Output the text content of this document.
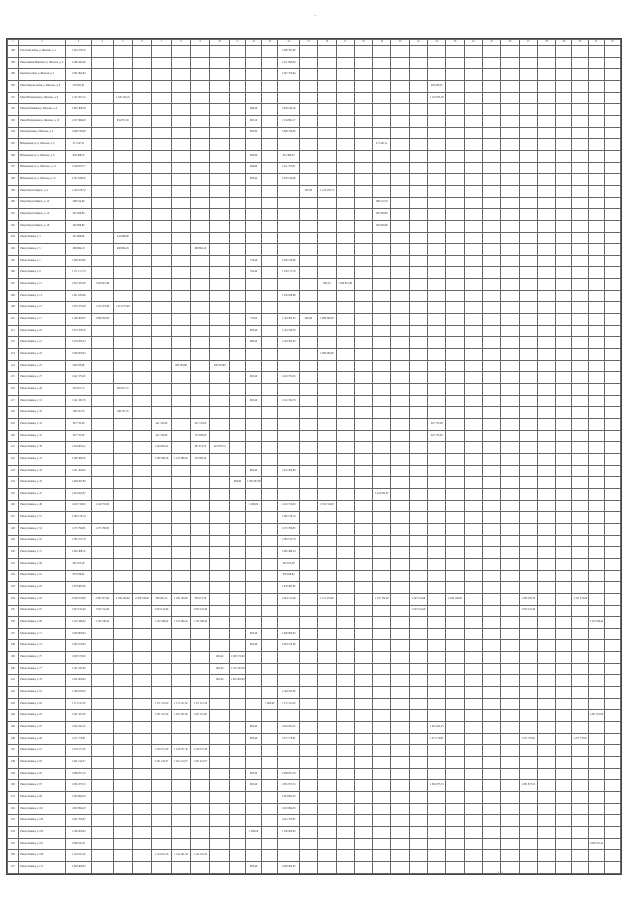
–
1	2	3	4	5	6	7	8	9	10	11	12	13	14	15	16	17	18	19	20	21	22	23	24	25	26	27	28	29	30	31	32
186	Участкова набер. р. Шелонь, д. 1	1 544 276,70											1 399 791,60																		
188	Улица имени Минского р. Шелонь, д. 9	1 599 443,09											1 511 993,68																		
189	Заречная улица, р. Шелонь д. 5	1 081 892,84											1 047 754,64																		
190	Улица Кирова набер. р. Шелонь, д. 8	276 831,91																			228 438,01										
191	Улица Набережная р. Шелонь, д. 6	1 147 321,74		1 126 145,16																	1 119 873,18										
192	Улица Кабашкина р. Шелонь, д. 9	1 095 406,38									968,40		1 039 234,16																		
193	Улица Набережная р. Шелонь, д. 10	2 527 998,48		934 871,50							963,10		1 154 891,17																		
194	Улица Бульвар р. Шелонь, д. 4	1 099 734,99									963,82		1 096 740,00																		
195	Набережная ул. р. Шелонь, д. 5	271 547,31																271 431,11													
196	Набережная ул. р. Шелонь, д. 8	836 468,52									964,80		812 468,52																		
197	Набережная ул. р. Шелонь, д. 14	1 236 953,77									964,80		1 211 753,01																		
198	Набережная ул. р. Шелонь, д. 12	2 341 938,26									983,42		2 318 124,86																		
199	Улица Карла Маркса, д. 4	1 140 578,74												967,80	1 123 578,74																
200	Улица Карла Маркса, д. 12	268 514,60																268 512,18													
201	Улица Карла Маркса, д. 14	265 309,80																265 309,80													
202	Улица Карла Маркса, д. 16	262 909,80																262 909,80													
203	Улица Ленина, д. 3	241 969,96		241 969,96																											
204	Улица Ленина, д. 5	268 864,16		268 864,16				268 864,16																							
205	Улица Ленина, д. 7	1 399 503,99									776,40		1 356 743,99																		
206	Улица Ленина, д. 9	1 171 171,78									764,40		1 150 171,78																		
207	Улица Ленина, д. 11	1 032 353,48	1 020 813,48												963,10	1 020 813,48															
208	Улица Ленина, д. 13	1 421 933,66											1 350 939,66																		
209	Улица Ленина, д. 15	1 255 373,48	1 212 073,48	1 212 073,48																											
210	Улица Ленина, д. 17	1 106 363,03	1 096 363,03								774,00		1 103 363,03	965,60	1 096 363,03																
211	Улица Ленина, д. 19	1 312 706,76									963,40		1 144 706,76																		
212	Улица Ленина, д. 21	1 278 593,43									966,40		1 144 593,43																		
213	Улица Ленина, д. 23	1 000 000,00													1 000 000,00																
214	Улица Ленина, д. 25	209 763,88					209 763,88		209 763,88																						
215	Улица Ленина, д. 27	1 421 573,45									963,40		1 416 373,45																		
216	Улица Ленина, д. 29	205 671,72		205 671,72																											
217	Улица Ленина, д. 31	1 141 332,79									963,40		1 141 332,79																		
218	Улица Ленина, д. 33	198 531,55		198 531,55																											
219	Улица Ленина, д. 35	347 735,00				241 312,00		251 735,00													347 735,00										
220	Улица Ленина, д. 37	347 735,00				241 726,00		175 636,00													347 735,00										
221	Улица Ленина, д. 39	1 204 803,22				1 204 803,22		291 874,74	291 874,74																						
222	Улица Ленина, д. 41	1 206 389,26				1 206 389,26	1 210 389,26	210 389,26																							
223	Улица Ленина, д. 43	1 451 300,00									963,40		1 451 300,00																		
224	Улица Ленина, д. 45	1 449 567,80								964,80	1 350 567,80																				
225	Улица Ленина, д. 47	1 424 952,87																1 424 952,87													
226	Улица Ленина, д. 49	1 419 710,00	1 419 710,00								1 000,00		1 419 710,00		1 319 710,00																
227	Улица Ленина, д. 51	1 385 179,14											1 385 179,14																		
228	Улица Ленина, д. 53	1 275 790,85	1 275 790,85										1 275 790,85																		
229	Улица Ленина, д. 55	1 385 572,78											1 385 572,78																		
230	Улица Ленина, д. 57	1 095 488,16											1 095 488,16																		
231	Улица Ленина, д. 59	461 815,29											461 815,29																		
232	Улица Ленина, д. 61	876 039,92											876 039,92																		
233	Улица Ленина, д. 63	1 479 465,00											1 479 465,00																		
234	Улица Ленина, д. 65	2 059 070,99	2 087 671,99	2 189 100,00	2 189 100,00	380 601,74	1 180 100,00	358 071,78					1 243 712,48		1 151 374,00			1 237 734,40		1 243 712,48		2 189 100,00				1 203 576,78			1 151 374,00		
235	Улица Ленина, д. 67	1 023 152,40	1 023 152,40			1 023 152,40		1 023 152,40												1 023 152,40						1 023 152,40					
236	Улица Ленина, д. 69	1 122 349,42	1 122 349,42			1 122 349,42	1 122 349,42	1 122 349,42																						1 122 349,42	
237	Улица Ленина, д. 71	1 000 800,00									963,40		1 000 800,00																		
238	Улица Ленина, д. 73	1 093 570,00									963,40		1 093 570,00																		
239	Улица Ленина, д. 75	1 093 570,00							963,40	1 093 570,00																					
240	Улица Ленина, д. 77	1 141 333,48							963,40	1 141 333,48																					
241	Улица Ленина, д. 79	1 001 000,00							963,40	1 001 000,00																					
242	Улица Ленина, д. 81	1 149 163,00											1 149 163,00																		
243	Улица Ленина, д. 83	1 171 511,50				1 171 511,50	1 171 511,50	1 171 511,50				1 000,00	1 171 511,50																		
244	Улица Ленина, д. 85	1 201 321,00				1 201 321,00	1 201 321,00	1 201 321,00																						1 201 321,00	
245	Улица Ленина, д. 87	1 001 041,25									963,40		1 001 041,25								1 001 041,25										
246	Улица Ленина, д. 89	1 271 770,81									963,40		1 271 770,81								1 271 770,81					1 271 770,81			1 271 770,81		
247	Улица Ленина, д. 91	1 219 571,30				1 219 571,30	1 219 571,30	1 219 571,30																							
248	Улица Ленина, д. 93	1 201 214,57				1 201 214,57	1 201 214,57	1 201 214,57																							
249	Улица Ленина, д. 95	1 068 051,18									963,40		1 068 051,18																		
250	Улица Ленина, д. 97	1 081 873,74									963,40		1 081 873,74								1 081 873,74					1 081 873,74					
251	Улица Ленина, д. 99	1 043 894,50											1 043 894,50																		
252	Улица Ленина, д. 101	1 043 894,50											1 043 894,50																		
253	Улица Ленина, д. 103	1 041 703,87											1 041 703,87																		
254	Улица Ленина, д. 105	1 100 000,00									1 000,00		1 100 000,00																		
255	Улица Ленина, д. 107	1 068 547,41																												1 068 547,41	
256	Улица Ленина, д. 109	1 124 161,50				1 124 161,50	1 124 161,50	1 124 161,50																							
257	Улица Ленина, д. 111	1 048 462,93									963,40		1 048 462,93																		
1 1
